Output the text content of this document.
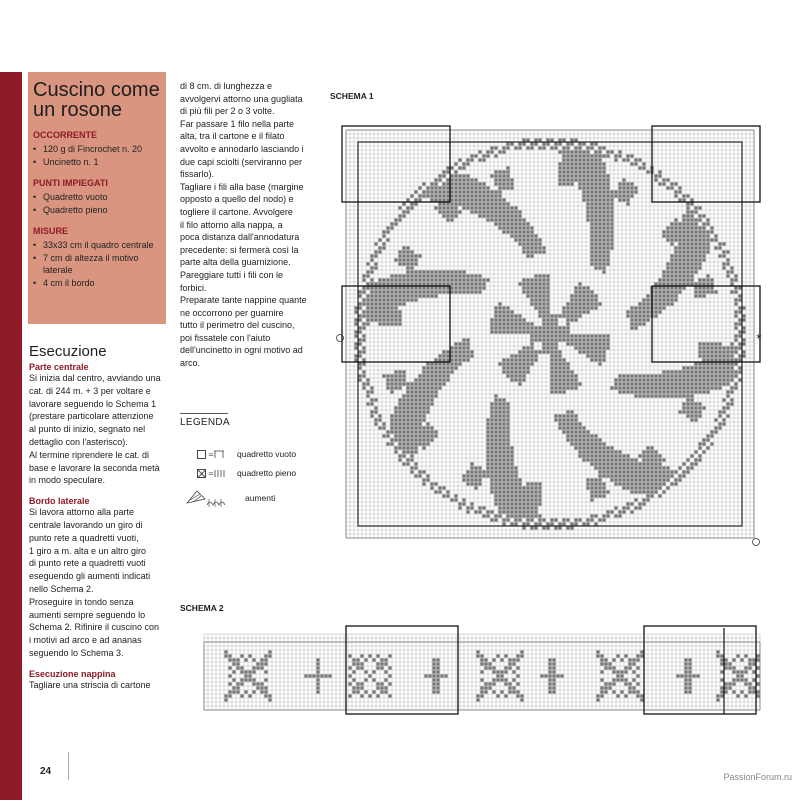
Cuscino come un rosone
OCCORRENTE
• 120 g di Fincrochet n. 20
• Uncinetto n. 1
PUNTI IMPIEGATI
• Quadretto vuoto
• Quadretto pieno
MISURE
• 33x33 cm il quadro centrale
• 7 cm di altezza il motivo laterale
• 4 cm il bordo
Esecuzione
Parte centrale

Si inizia dal centro, avviando una
cat. di 244 m. + 3 per voltare e
lavorare seguendo lo Schema 1
(prestare particolare attenzione
al punto di inizio, segnato nel
dettaglio con l'asterisco).
Al termine riprendere le cat. di
base e lavorare la seconda metà
in modo speculare.

Bordo laterale

Si lavora attorno alla parte
centrale lavorando un giro di
punto rete a quadretti vuoti,
1 giro a m. alta e un altro giro
di punto rete a quadretti vuoti
eseguendo gli aumenti indicati
nello Schema 2.
Proseguire in tondo senza
aumenti sempre seguendo lo
Schema 2. Rifinire il cuscino con
i motivi ad arco e ad ananas
seguendo lo Schema 3.

Esecuzione nappina

Tagliare una striscia di cartone

di 8 cm. di lunghezza e
avvolgervi attorno una gugliata
di più fili per 2 o 3 volte.
Far passare 1 filo nella parte
alta, tra il cartone e il filato
avvolto e annodarlo lasciando i
due capi sciolti (serviranno per
fissarlo).
Tagliare i fili alla base (margine
opposto a quello del nodo) e
togliere il cartone. Avvolgere
il filo attorno alla nappa, a
poca distanza dall'annodatura
precedente: si fermerà così la
parte alta della guarnizione.
Pareggiare tutti i fili con le
forbici.
Preparate tante nappine quante
ne occorrono per guarnire
tutto il perimetro del cuscino,
poi fissatele con l'aiuto
dell'uncinetto in ogni motivo ad
arco.

LEGENDA
=	quadretto vuoto
=	quadretto pieno
aumenti
SCHEMA 1
*
SCHEMA 2
24	PassionForum.ru
